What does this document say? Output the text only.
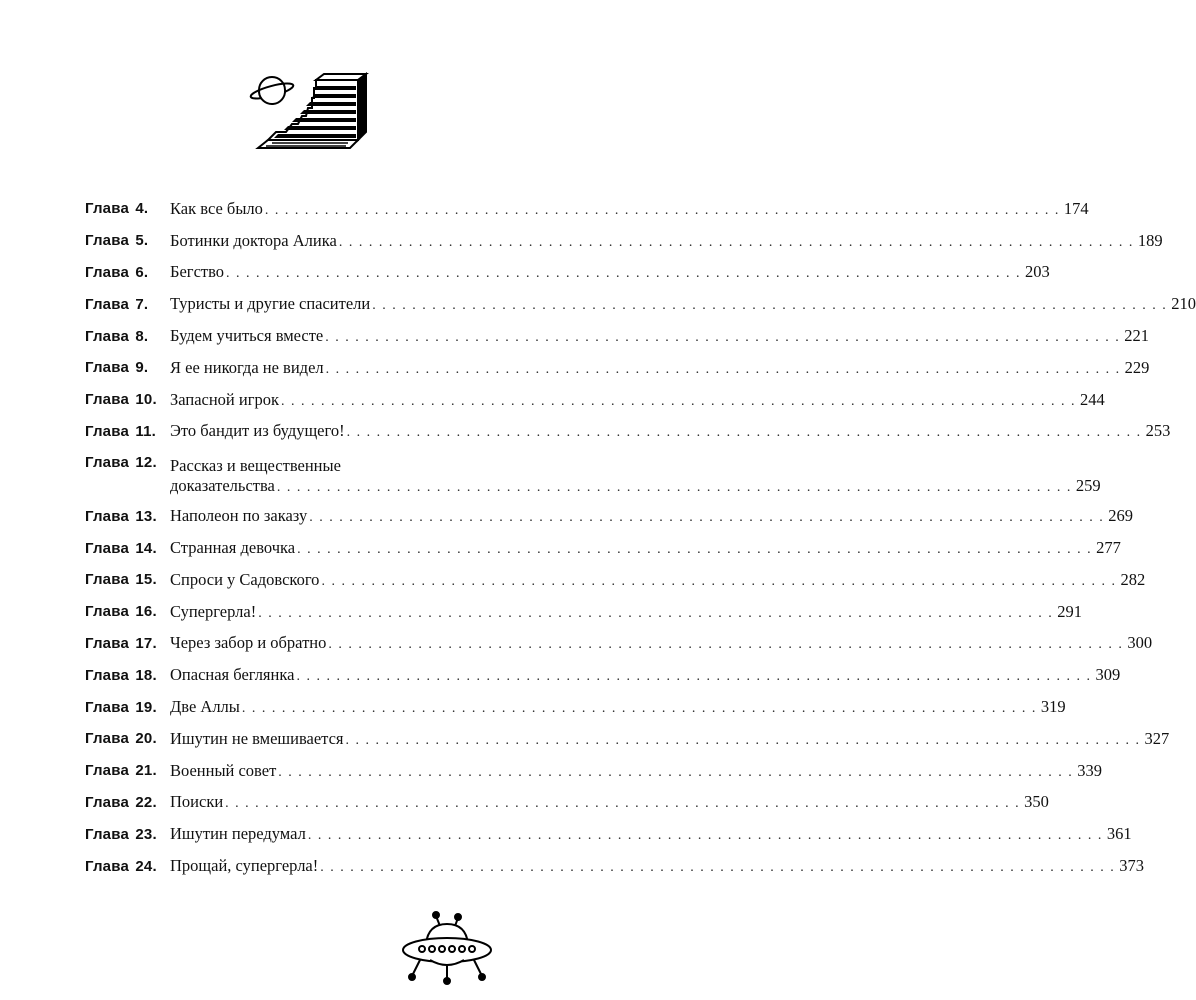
Глава 4.	Как все было . . . . . . . . . . . . . . . . . . . . . . . . . . . . . . . . . . . . . . . . . . . . . . . . . . . . . . . . . . . . . . . . . . . . . . . . . . . . . . . . 174
Глава 5.	Ботинки доктора Алика . . . . . . . . . . . . . . . . . . . . . . . . . . . . . . . . . . . . . . . . . . . . . . . . . . . . . . . . . . . . . . . . . . . . . . . . . . . . . . . . 189
Глава 6.	Бегство . . . . . . . . . . . . . . . . . . . . . . . . . . . . . . . . . . . . . . . . . . . . . . . . . . . . . . . . . . . . . . . . . . . . . . . . . . . . . . . . 203
Глава 7.	Туристы и другие спасители . . . . . . . . . . . . . . . . . . . . . . . . . . . . . . . . . . . . . . . . . . . . . . . . . . . . . . . . . . . . . . . . . . . . . . . . . . . . . . . . 210
Глава 8.	Будем учиться вместе . . . . . . . . . . . . . . . . . . . . . . . . . . . . . . . . . . . . . . . . . . . . . . . . . . . . . . . . . . . . . . . . . . . . . . . . . . . . . . . . 221
Глава 9.	Я ее никогда не видел . . . . . . . . . . . . . . . . . . . . . . . . . . . . . . . . . . . . . . . . . . . . . . . . . . . . . . . . . . . . . . . . . . . . . . . . . . . . . . . . 229
Глава 10. Запасной игрок . . . . . . . . . . . . . . . . . . . . . . . . . . . . . . . . . . . . . . . . . . . . . . . . . . . . . . . . . . . . . . . . . . . . . . . . . . . . . . . . 244
Глава 11. Это бандит из будущего! . . . . . . . . . . . . . . . . . . . . . . . . . . . . . . . . . . . . . . . . . . . . . . . . . . . . . . . . . . . . . . . . . . . . . . . . . . . . . . . . 253
Глава 12. Рассказ и вещественные
доказательства . . . . . . . . . . . . . . . . . . . . . . . . . . . . . . . . . . . . . . . . . . . . . . . . . . . . . . . . . . . . . . . . . . . . . . . . . . . . . . . . 259
Глава 13. Наполеон по заказу . . . . . . . . . . . . . . . . . . . . . . . . . . . . . . . . . . . . . . . . . . . . . . . . . . . . . . . . . . . . . . . . . . . . . . . . . . . . . . . . 269
Глава 14. Странная девочка . . . . . . . . . . . . . . . . . . . . . . . . . . . . . . . . . . . . . . . . . . . . . . . . . . . . . . . . . . . . . . . . . . . . . . . . . . . . . . . . 277
Глава 15. Спроси у Садовского . . . . . . . . . . . . . . . . . . . . . . . . . . . . . . . . . . . . . . . . . . . . . . . . . . . . . . . . . . . . . . . . . . . . . . . . . . . . . . . . 282
Глава 16. Супергерла! . . . . . . . . . . . . . . . . . . . . . . . . . . . . . . . . . . . . . . . . . . . . . . . . . . . . . . . . . . . . . . . . . . . . . . . . . . . . . . . . 291
Глава 17. Через забор и обратно . . . . . . . . . . . . . . . . . . . . . . . . . . . . . . . . . . . . . . . . . . . . . . . . . . . . . . . . . . . . . . . . . . . . . . . . . . . . . . . . 300
Глава 18. Опасная беглянка . . . . . . . . . . . . . . . . . . . . . . . . . . . . . . . . . . . . . . . . . . . . . . . . . . . . . . . . . . . . . . . . . . . . . . . . . . . . . . . . 309
Глава 19. Две Аллы . . . . . . . . . . . . . . . . . . . . . . . . . . . . . . . . . . . . . . . . . . . . . . . . . . . . . . . . . . . . . . . . . . . . . . . . . . . . . . . . 319
Глава 20. Ишутин не вмешивается . . . . . . . . . . . . . . . . . . . . . . . . . . . . . . . . . . . . . . . . . . . . . . . . . . . . . . . . . . . . . . . . . . . . . . . . . . . . . . . . 327
Глава 21. Военный совет . . . . . . . . . . . . . . . . . . . . . . . . . . . . . . . . . . . . . . . . . . . . . . . . . . . . . . . . . . . . . . . . . . . . . . . . . . . . . . . . 339
Глава 22. Поиски . . . . . . . . . . . . . . . . . . . . . . . . . . . . . . . . . . . . . . . . . . . . . . . . . . . . . . . . . . . . . . . . . . . . . . . . . . . . . . . . 350
Глава 23. Ишутин передумал . . . . . . . . . . . . . . . . . . . . . . . . . . . . . . . . . . . . . . . . . . . . . . . . . . . . . . . . . . . . . . . . . . . . . . . . . . . . . . . . 361
Глава 24. Прощай, супергерла! . . . . . . . . . . . . . . . . . . . . . . . . . . . . . . . . . . . . . . . . . . . . . . . . . . . . . . . . . . . . . . . . . . . . . . . . . . . . . . . . 373
